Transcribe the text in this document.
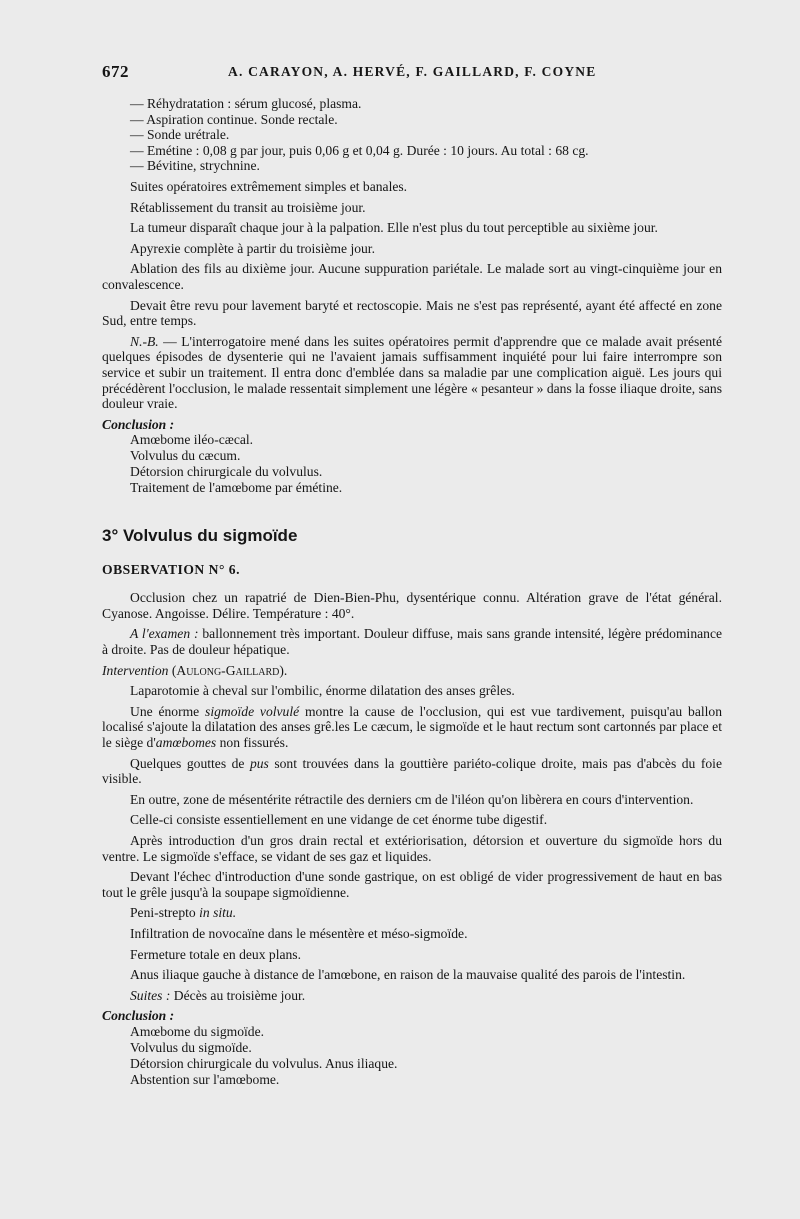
672	A. CARAYON, A. HERVÉ, F. GAILLARD, F. COYNE
— Réhydratation : sérum glucosé, plasma.
— Aspiration continue. Sonde rectale.
— Sonde urétrale.
— Emétine : 0,08 g par jour, puis 0,06 g et 0,04 g. Durée : 10 jours. Au total : 68 cg.
— Bévitine, strychnine.

Suites opératoires extrêmement simples et banales.

Rétablissement du transit au troisième jour.

La tumeur disparaît chaque jour à la palpation. Elle n'est plus du tout perceptible au sixième jour.

Apyrexie complète à partir du troisième jour.

Ablation des fils au dixième jour. Aucune suppuration pariétale. Le malade sort au vingt-cinquième jour en convalescence.

Devait être revu pour lavement baryté et rectoscopie. Mais ne s'est pas représenté, ayant été affecté en zone Sud, entre temps.

N.-B. — L'interrogatoire mené dans les suites opératoires permit d'apprendre que ce malade avait présenté quelques épisodes de dysenterie qui ne l'avaient jamais suffisamment inquiété pour lui faire interrompre son service et subir un traitement. Il entra donc d'emblée dans sa maladie par une complication aiguë. Les jours qui précédèrent l'occlusion, le malade ressentait simplement une légère « pesanteur » dans la fosse iliaque droite, sans douleur vraie.

Conclusion :
Amœbome iléo-cæcal.
Volvulus du cæcum.
Détorsion chirurgicale du volvulus.
Traitement de l'amœbome par émétine.
3° Volvulus du sigmoïde
OBSERVATION N° 6.

Occlusion chez un rapatrié de Dien-Bien-Phu, dysentérique connu. Altération grave de l'état général. Cyanose. Angoisse. Délire. Température : 40°.

A l'examen : ballonnement très important. Douleur diffuse, mais sans grande intensité, légère prédominance à droite. Pas de douleur hépatique.

Intervention (Aulong-Gaillard).

Laparotomie à cheval sur l'ombilic, énorme dilatation des anses grêles.

Une énorme sigmoïde volvulé montre la cause de l'occlusion, qui est vue tardivement, puisqu'au ballon localisé s'ajoute la dilatation des anses grê.les Le cæcum, le sigmoïde et le haut rectum sont cartonnés par place et le siège d'amœbomes non fissurés.

Quelques gouttes de pus sont trouvées dans la gouttière pariéto-colique droite, mais pas d'abcès du foie visible.

En outre, zone de mésentérite rétractile des derniers cm de l'iléon qu'on libèrera en cours d'intervention.

Celle-ci consiste essentiellement en une vidange de cet énorme tube digestif.

Après introduction d'un gros drain rectal et extériorisation, détorsion et ouverture du sigmoïde hors du ventre. Le sigmoïde s'efface, se vidant de ses gaz et liquides.

Devant l'échec d'introduction d'une sonde gastrique, on est obligé de vider progressivement de haut en bas tout le grêle jusqu'à la soupape sigmoïdienne.

Peni-strepto in situ.

Infiltration de novocaïne dans le mésentère et méso-sigmoïde.

Fermeture totale en deux plans.

Anus iliaque gauche à distance de l'amœbone, en raison de la mauvaise qualité des parois de l'intestin.

Suites : Décès au troisième jour.

Conclusion :
Amœbome du sigmoïde.
Volvulus du sigmoïde.
Détorsion chirurgicale du volvulus. Anus iliaque.
Abstention sur l'amœbome.
